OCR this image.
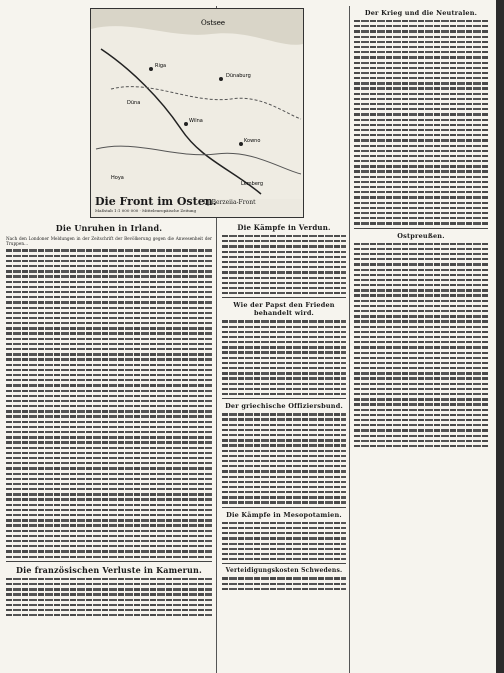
Ostsee
Dünaburg
Wilna
Riga
Kowno
Lemberg
Hoya
Düna
Die Front im Osten.
Dj Berzeiia-Front
Maßstab 1:1 000 000 · Mitteleuropäische Zeitung
Die Unruhen in Irland.
Nach den Londoner Meldungen in der Zeitschrift der Bevölkerung gegen die Anwesenheit der Truppen...
Die französischen Verluste in Kamerun.
Die Kämpfe in Verdun.
Wie der Papst den Frieden behandelt wird.
Der griechische Offiziersbund.
Die Kämpfe in Mesopotamien.
Verteidigungskosten Schwedens.
Der Krieg und die Neutralen.
Ostpreußen.
